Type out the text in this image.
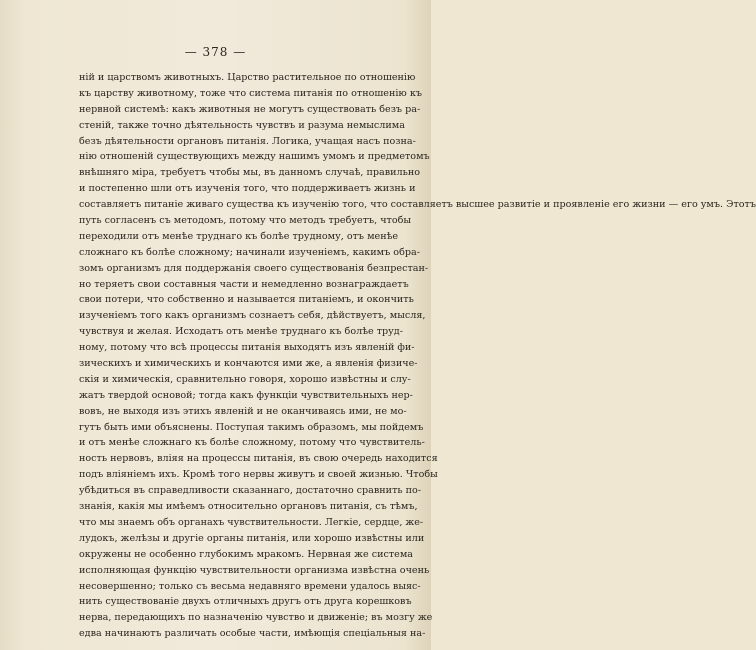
— 378 —
ній и царствомъ животныхъ. Царство растительное по отношенію
къ царству животному, тоже что система питанія по отношенію къ
нервной системѣ: какъ животныя не могутъ существовать безъ ра-
стеній, также точно дѣятельность чувствъ и разума немыслима
безъ дѣятельности органовъ питанія. Логика, учащая насъ позна-
нію отношеній существующихъ между нашимъ умомъ и предметомъ
внѣшняго міра, требуетъ чтобы мы, въ данномъ случаѣ, правильно
и постепенно шли отъ изученія того, что поддерживаетъ жизнь и
составляетъ питаніе живаго существа къ изученію того, что составляетъ высшее развитіе и проявленіе его жизни — его умъ. Этотъ
путь согласенъ съ методомъ, потому что методъ требуетъ, чтобы
переходили отъ менѣе труднаго къ болѣе трудному, отъ менѣе
сложнаго къ болѣе сложному; начинали изученіемъ, какимъ обра-
зомъ организмъ для поддержанія своего существованія безпрестан-
но теряетъ свои составныя части и немедленно вознаграждаетъ
свои потери, что собственно и называется питаніемъ, и окончить
изученіемъ того какъ организмъ сознаетъ себя, дѣйствуетъ, мысля,
чувствуя и желая. Исходатъ отъ менѣе труднаго къ болѣе труд-
ному, потому что всѣ процессы питанія выходятъ изъ явленій фи-
зическихъ и химическихъ и кончаются ими же, а явленія физиче-
скія и химическія, сравнительно говоря, хорошо извѣстны и слу-
жатъ твердой основой; тогда какъ функціи чувствительныхъ нер-
вовъ, не выходя изъ этихъ явленій и не оканчиваясь ими, не мо-
гутъ быть ими объяснены. Поступая такимъ образомъ, мы пойдемъ
и отъ менѣе сложнаго къ болѣе сложному, потому что чувствитель-
ность нервовъ, вліяя на процессы питанія, въ свою очередь находится
подъ вліяніемъ ихъ. Кромѣ того нервы живутъ и своей жизнью. Чтобы
убѣдиться въ справедливости сказаннаго, достаточно сравнить по-
знанія, какія мы имѣемъ относительно органовъ питанія, съ тѣмъ,
что мы знаемъ объ органахъ чувствительности. Легкіе, сердце, же-
лудокъ, желѣзы и другіе органы питанія, или хорошо извѣстны или
окружены не особенно глубокимъ мракомъ. Нервная же система
исполняющая функцію чувствительности организма извѣстна очень
несовершенно; только съ весьма недавняго времени удалось выяс-
нить существованіе двухъ отличныхъ другъ отъ друга корешковъ
нерва, передающихъ по назначенію чувство и движеніе; въ мозгу же
едва начинаютъ различать особые части, имѣющія спеціальныя на-
